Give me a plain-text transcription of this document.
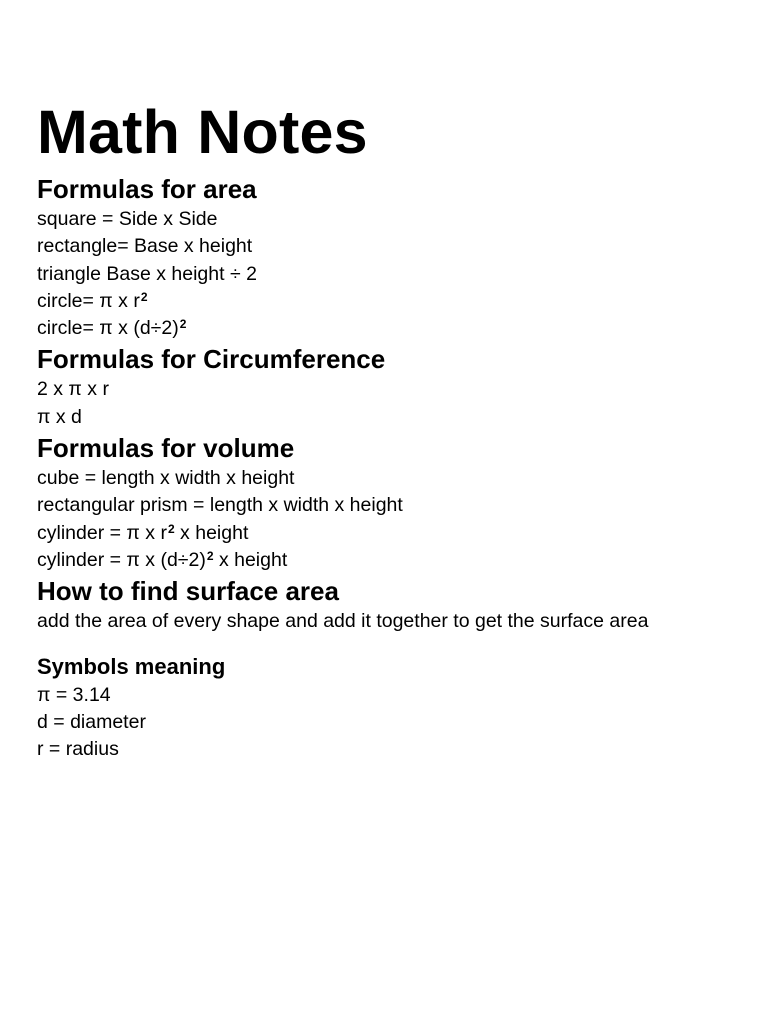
Math Notes
Formulas for area

square = Side x Side

rectangle= Base x height

triangle Base x height ÷ 2

circle= π x $r^2$

circle= π x $(d\div 2)^2$

Formulas for Circumference

2 x π x r

π x d

Formulas for volume

cube = length x width x height

rectangular prism = length x width x height

cylinder = π x $r^2$ x height

cylinder = π x $(d\div 2)^2$ x height

How to find surface area

add the area of every shape and add it together to get the surface area

Symbols meaning

π = 3.14

d = diameter

r = radius
